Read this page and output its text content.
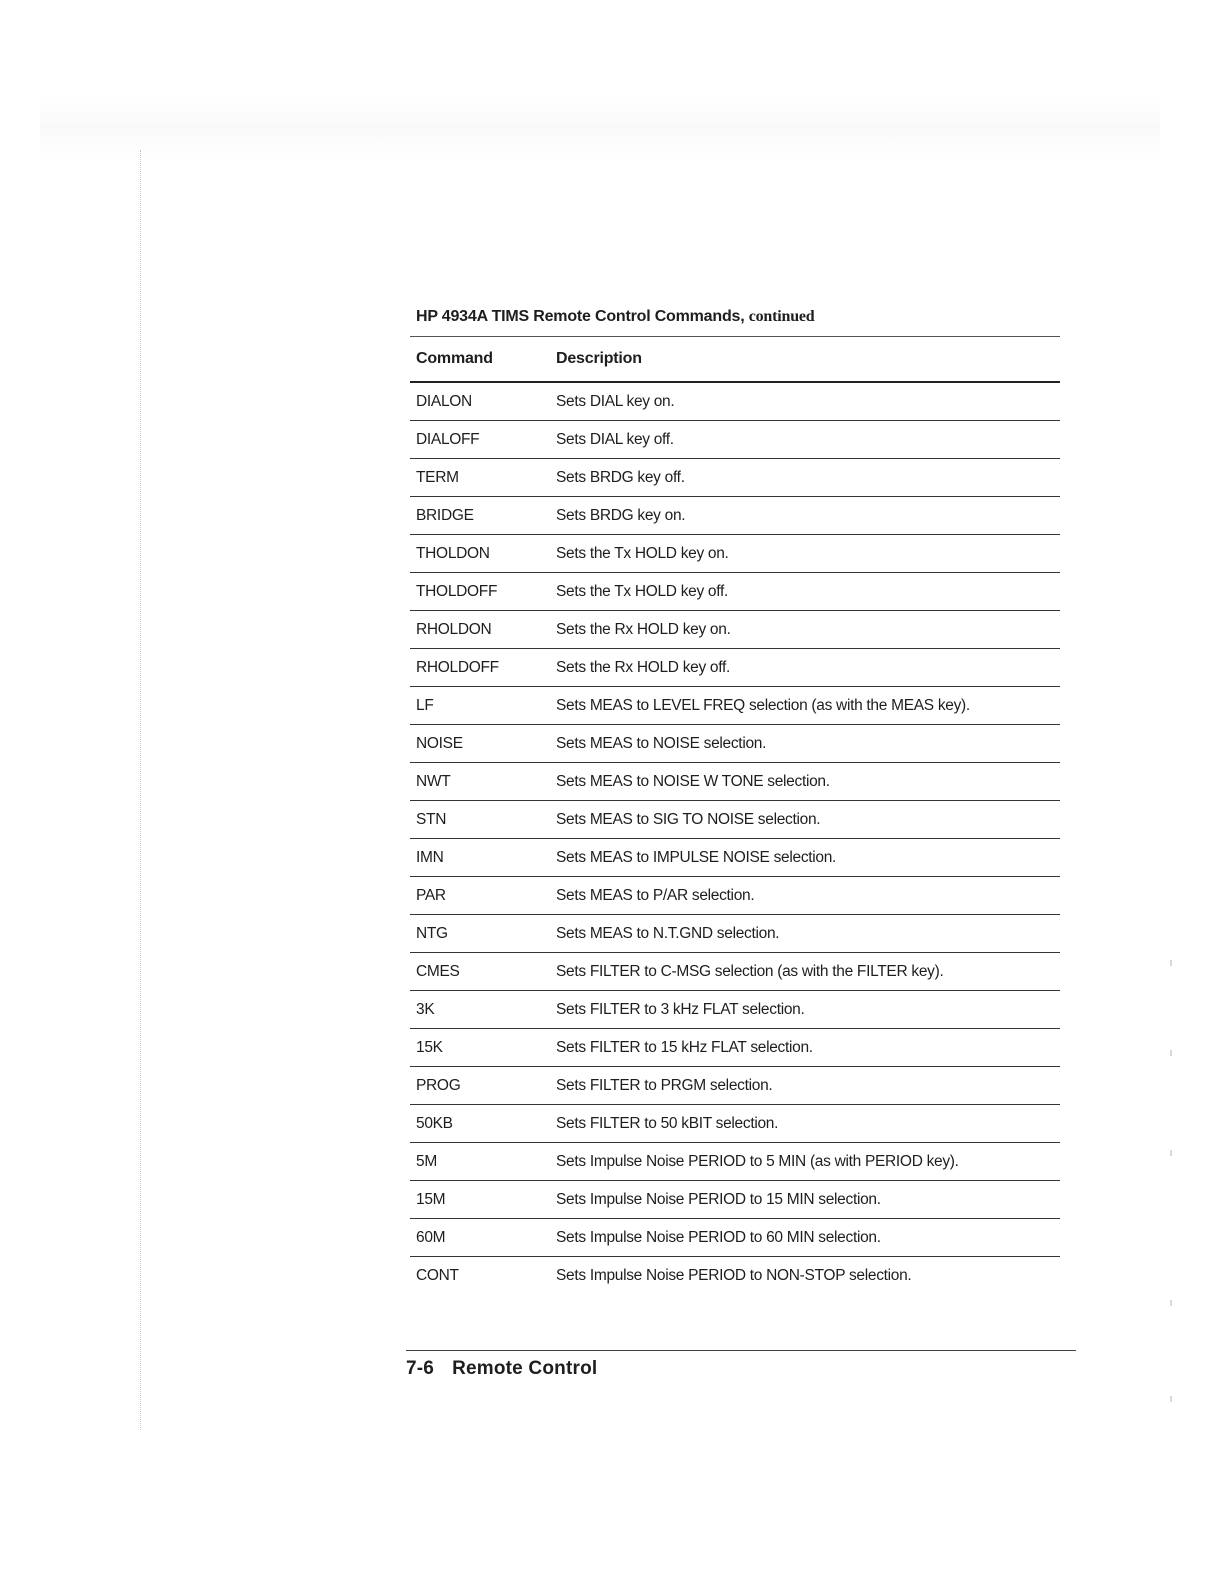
HP 4934A TIMS Remote Control Commands, continued
Command	Description
DIALON	Sets DIAL key on.
DIALOFF	Sets DIAL key off.
TERM	Sets BRDG key off.
BRIDGE	Sets BRDG key on.
THOLDON	Sets the Tx HOLD key on.
THOLDOFF	Sets the Tx HOLD key off.
RHOLDON	Sets the Rx HOLD key on.
RHOLDOFF	Sets the Rx HOLD key off.
LF	Sets MEAS to LEVEL FREQ selection (as with the MEAS key).
NOISE	Sets MEAS to NOISE selection.
NWT	Sets MEAS to NOISE W TONE selection.
STN	Sets MEAS to SIG TO NOISE selection.
IMN	Sets MEAS to IMPULSE NOISE selection.
PAR	Sets MEAS to P/AR selection.
NTG	Sets MEAS to N.T.GND selection.
CMES	Sets FILTER to C-MSG selection (as with the FILTER key).
3K	Sets FILTER to 3 kHz FLAT selection.
15K	Sets FILTER to 15 kHz FLAT selection.
PROG	Sets FILTER to PRGM selection.
50KB	Sets FILTER to 50 kBIT selection.
5M	Sets Impulse Noise PERIOD to 5 MIN (as with PERIOD key).
15M	Sets Impulse Noise PERIOD to 15 MIN selection.
60M	Sets Impulse Noise PERIOD to 60 MIN selection.
CONT	Sets Impulse Noise PERIOD to NON-STOP selection.
7-6 Remote Control
